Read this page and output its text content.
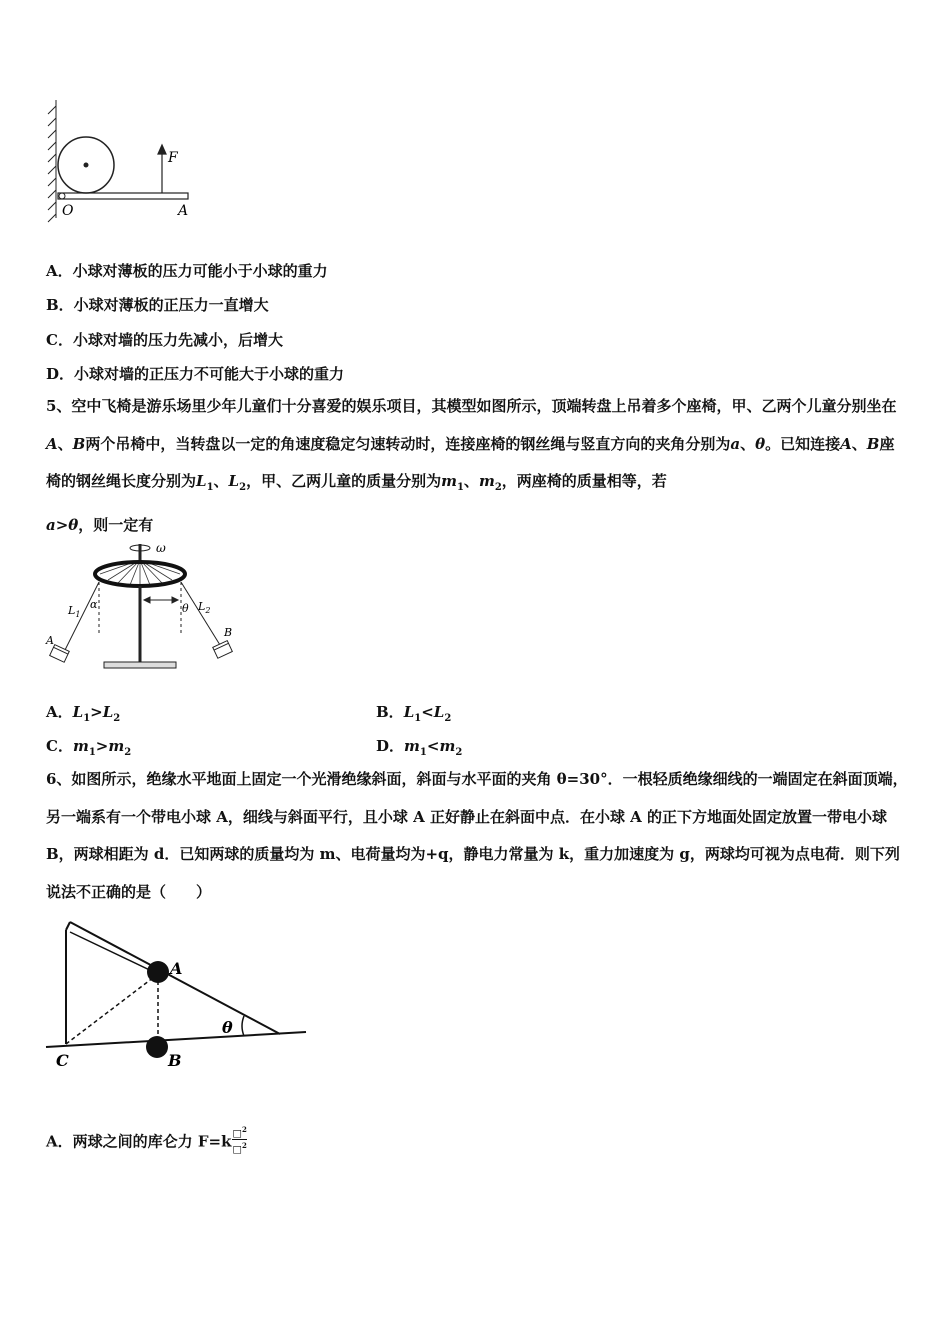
F
O	A
A．小球对薄板的压力可能小于小球的重力
B．小球对薄板的正压力一直增大
C．小球对墙的压力先减小，后增大
D．小球对墙的正压力不可能大于小球的重力
5、空中飞椅是游乐场里少年儿童们十分喜爱的娱乐项目，其模型如图所示，顶端转盘上吊着多个座椅，甲、乙两个儿童分别坐在A、B两个吊椅中，当转盘以一定的角速度稳定匀速转动时，连接座椅的钢丝绳与竖直方向的夹角分别为a、θ。已知连接A、B座椅的钢丝绳长度分别为$L_1$、$L_2$，甲、乙两儿童的质量分别为$m_1$、$m_2$，两座椅的质量相等，若
a>θ，则一定有
ω
$L_1$
α	θ $L_2$
A
B
A．$L_1>L_2$	B．$L_1<L_2$
C．$m_1>m_2$	D．$m_1<m_2$
6、如图所示，绝缘水平地面上固定一个光滑绝缘斜面，斜面与水平面的夹角 θ=30°．一根轻质绝缘细线的一端固定在斜面顶端，另一端系有一个带电小球 A，细线与斜面平行，且小球 A 正好静止在斜面中点．在小球 A 的正下方地面处固定放置一带电小球 B，两球相距为 d．已知两球的质量均为 m、电荷量均为+q，静电力常量为 k，重力加速度为 g，两球均可视为点电荷．则下列说法不正确的是（　　）
A
B
C
θ
A．两球之间的库仑力 $F=k \frac{□^2}{□^2}$
